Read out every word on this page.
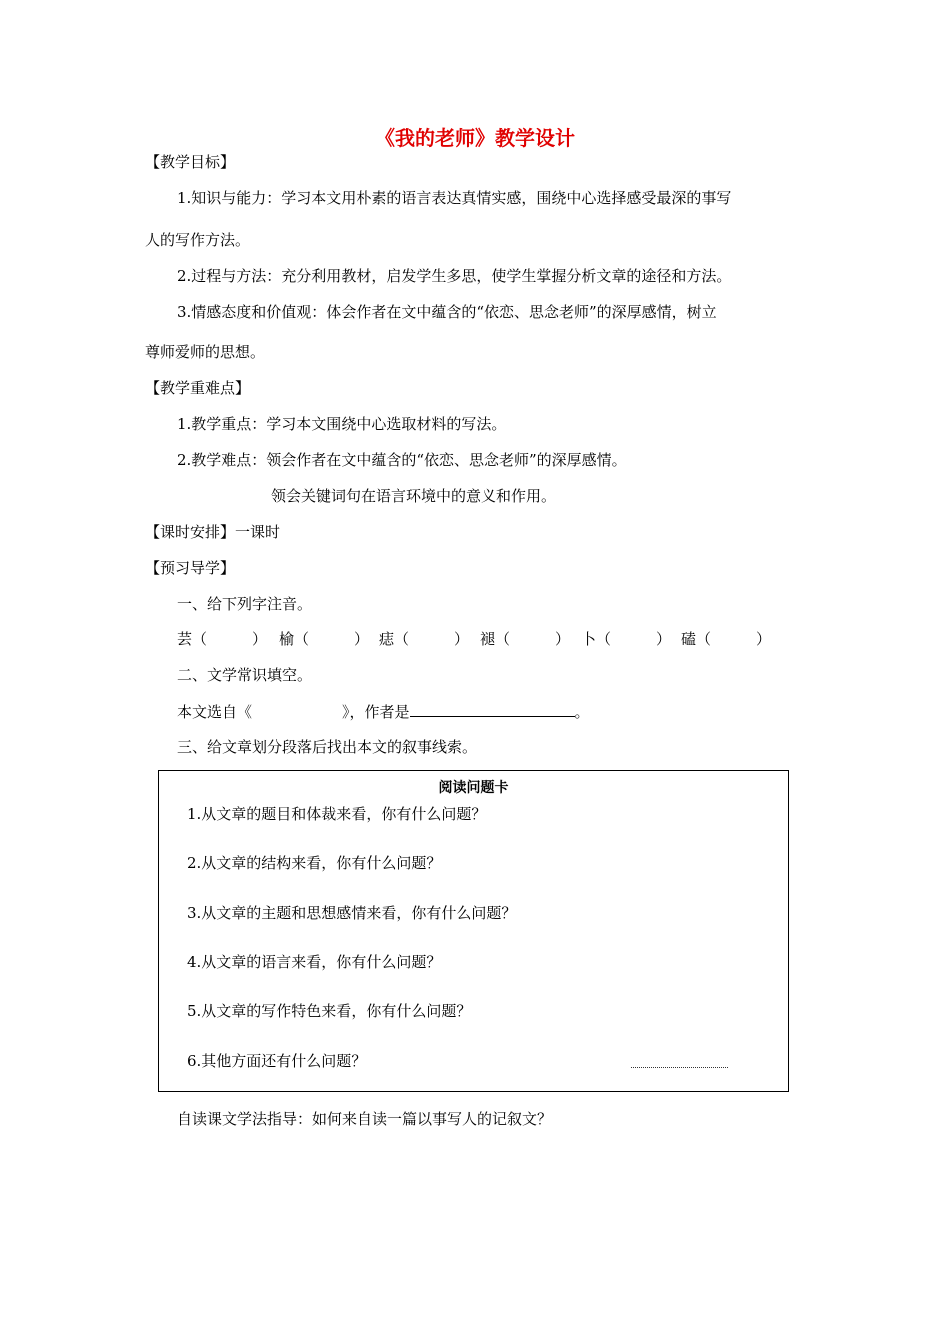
《我的老师》教学设计
【教学目标】
1.知识与能力：学习本文用朴素的语言表达真情实感，围绕中心选择感受最深的事写
人的写作方法。
2.过程与方法：充分利用教材，启发学生多思，使学生掌握分析文章的途径和方法。
3.情感态度和价值观：体会作者在文中蕴含的“依恋、思念老师”的深厚感情，树立
尊师爱师的思想。
【教学重难点】
1.教学重点：学习本文围绕中心选取材料的写法。
2.教学难点：领会作者在文中蕴含的“依恋、思念老师”的深厚感情。
领会关键词句在语言环境中的意义和作用。
【课时安排】一课时
【预习导学】
一、给下列字注音。
芸（　　　） 榆（　　　） 痣（　　　） 褪（　　　） 卜（　　　） 磕（　　　）
二、文学常识填空。
本文选自《　　　　　　》，作者是	。
三、给文章划分段落后找出本文的叙事线索。
阅读问题卡
1.从文章的题目和体裁来看，你有什么问题？
2.从文章的结构来看，你有什么问题？
3.从文章的主题和思想感情来看，你有什么问题？
4.从文章的语言来看，你有什么问题？
5.从文章的写作特色来看，你有什么问题？
6.其他方面还有什么问题？
自读课文学法指导：如何来自读一篇以事写人的记叙文？
